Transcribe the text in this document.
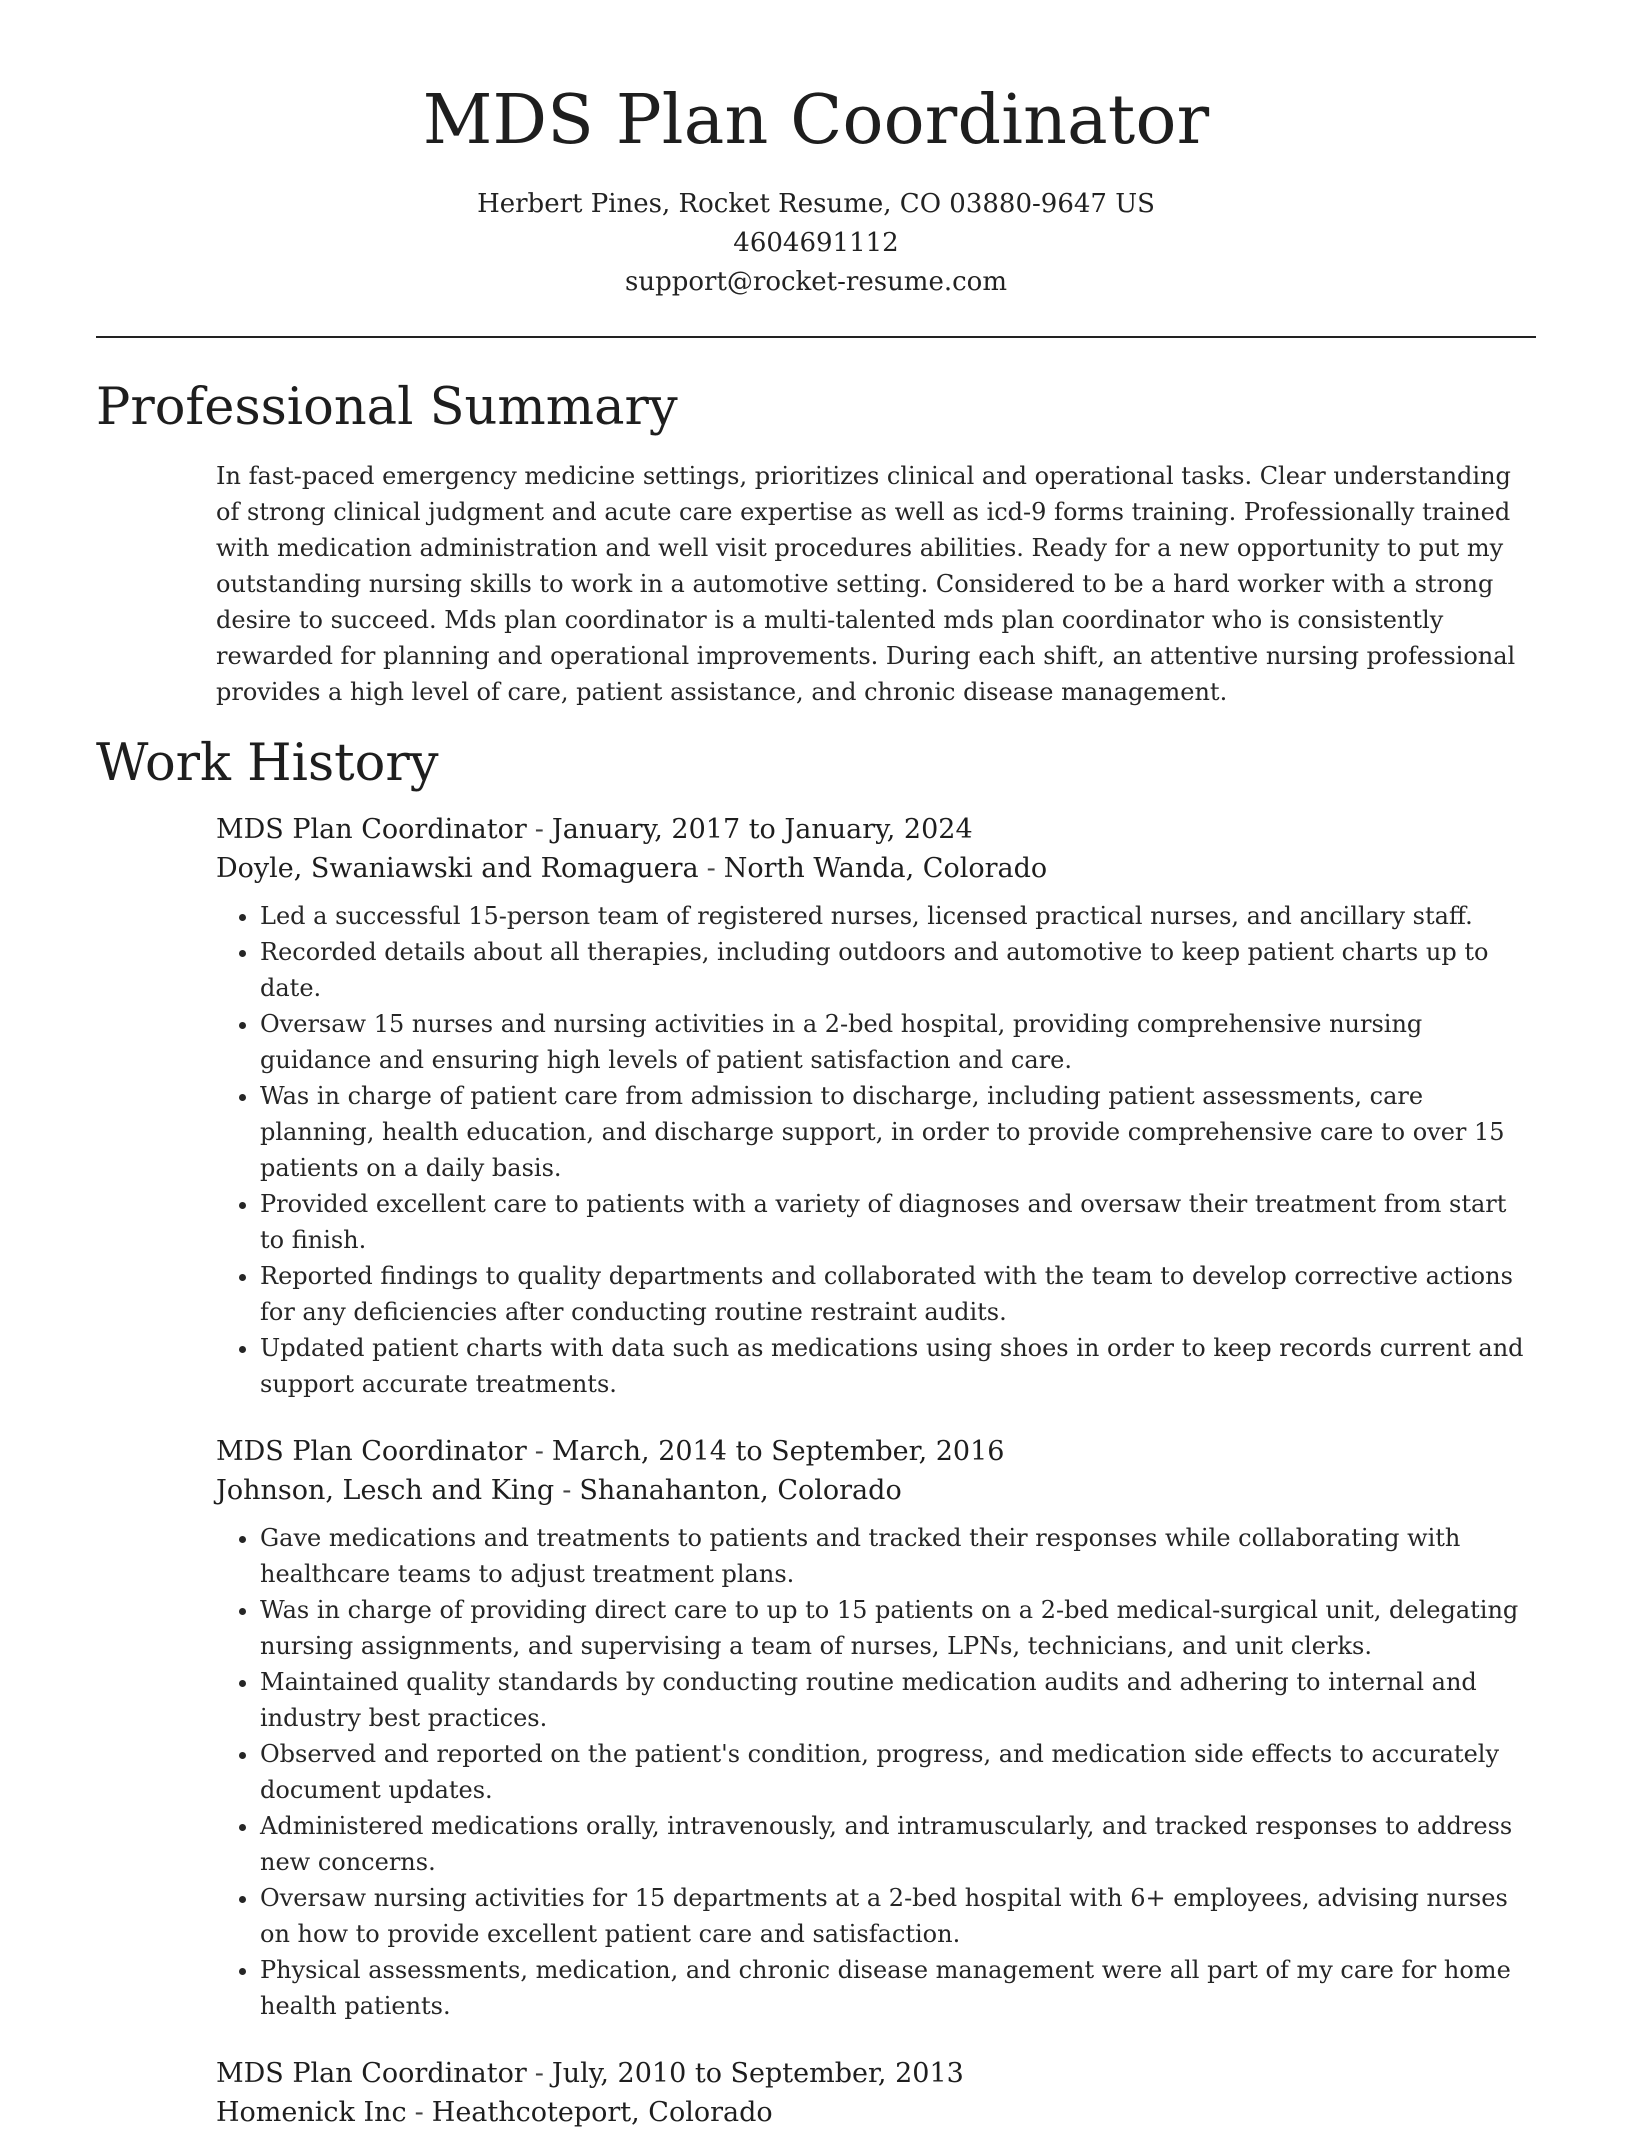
MDS Plan Coordinator
Herbert Pines, Rocket Resume, CO 03880-9647 US
4604691112
support@rocket-resume.com
Professional Summary

In fast-paced emergency medicine settings, prioritizes clinical and operational tasks. Clear understanding of strong clinical judgment and acute care expertise as well as icd-9 forms training. Professionally trained with medication administration and well visit procedures abilities. Ready for a new opportunity to put my outstanding nursing skills to work in a automotive setting. Considered to be a hard worker with a strong desire to succeed. Mds plan coordinator is a multi-talented mds plan coordinator who is consistently rewarded for planning and operational improvements. During each shift, an attentive nursing professional provides a high level of care, patient assistance, and chronic disease management.

Work History
MDS Plan Coordinator - January, 2017 to January, 2024
Doyle, Swaniawski and Romaguera - North Wanda, Colorado
• Led a successful 15-person team of registered nurses, licensed practical nurses, and ancillary staff.
• Recorded details about all therapies, including outdoors and automotive to keep patient charts up to date.
• Oversaw 15 nurses and nursing activities in a 2-bed hospital, providing comprehensive nursing guidance and ensuring high levels of patient satisfaction and care.
• Was in charge of patient care from admission to discharge, including patient assessments, care planning, health education, and discharge support, in order to provide comprehensive care to over 15 patients on a daily basis.
• Provided excellent care to patients with a variety of diagnoses and oversaw their treatment from start to finish.
• Reported findings to quality departments and collaborated with the team to develop corrective actions for any deficiencies after conducting routine restraint audits.
• Updated patient charts with data such as medications using shoes in order to keep records current and support accurate treatments.
MDS Plan Coordinator - March, 2014 to September, 2016
Johnson, Lesch and King - Shanahanton, Colorado
• Gave medications and treatments to patients and tracked their responses while collaborating with healthcare teams to adjust treatment plans.
• Was in charge of providing direct care to up to 15 patients on a 2-bed medical-surgical unit, delegating nursing assignments, and supervising a team of nurses, LPNs, technicians, and unit clerks.
• Maintained quality standards by conducting routine medication audits and adhering to internal and industry best practices.
• Observed and reported on the patient's condition, progress, and medication side effects to accurately document updates.
• Administered medications orally, intravenously, and intramuscularly, and tracked responses to address new concerns.
• Oversaw nursing activities for 15 departments at a 2-bed hospital with 6+ employees, advising nurses on how to provide excellent patient care and satisfaction.
• Physical assessments, medication, and chronic disease management were all part of my care for home health patients.
MDS Plan Coordinator - July, 2010 to September, 2013
Homenick Inc - Heathcoteport, Colorado
